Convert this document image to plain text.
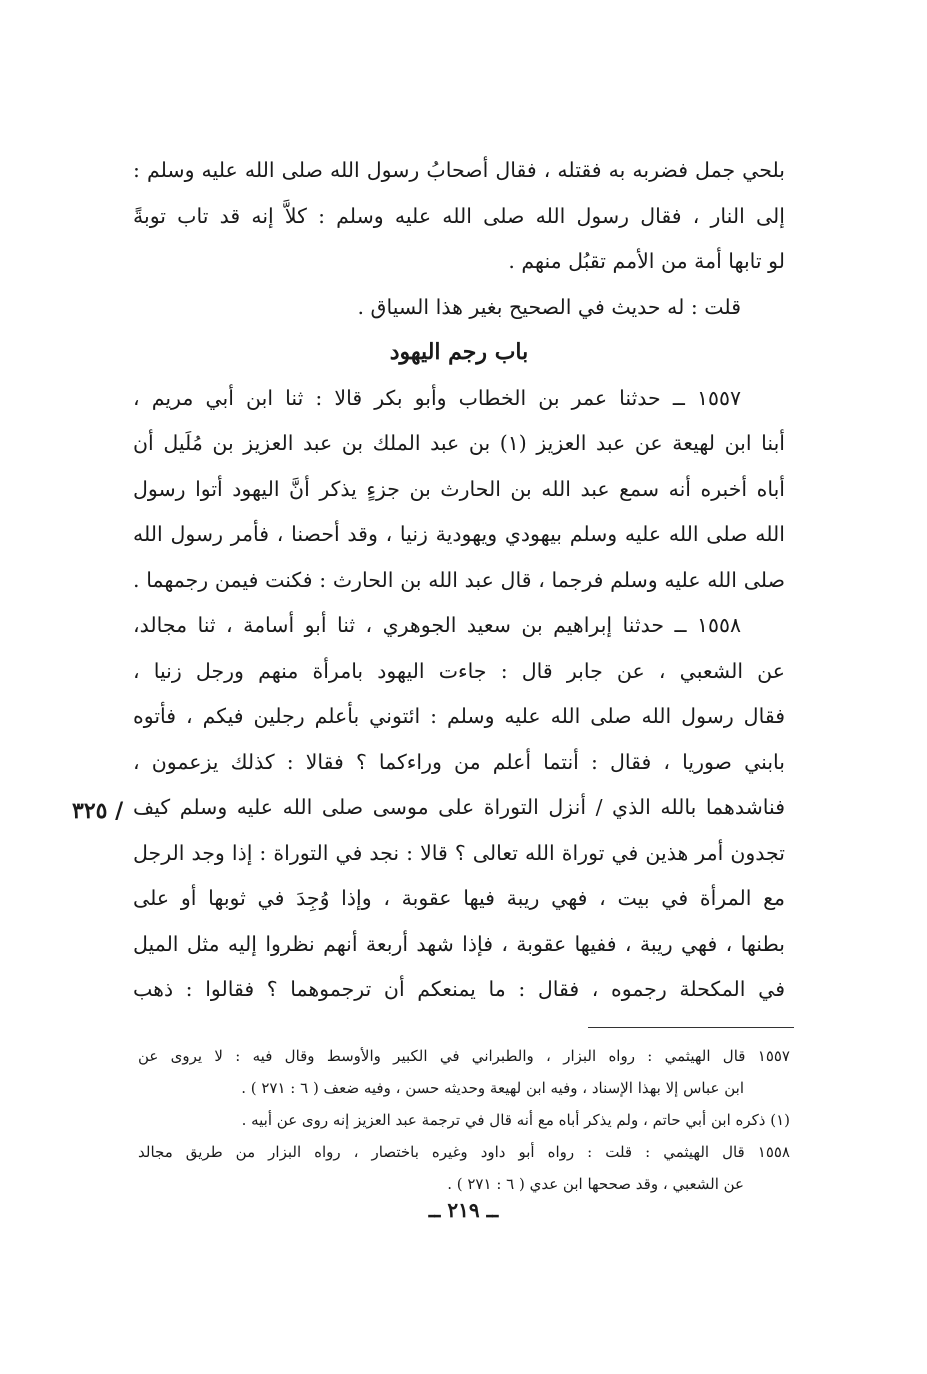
بلحي جمل فضربه به فقتله ، فقال أصحابُ رسول الله صلى الله عليه وسلم :
إلى النار ، فقال رسول الله صلى الله عليه وسلم : كلاَّ إنه قد تاب توبةً
لو تابها أمة من الأمم تقبُل منهم .
قلت : له حديث في الصحيح بغير هذا السياق .
باب رجم اليهود
١٥٥٧ ــ حدثنا عمر بن الخطاب وأبو بكر قالا : ثنا ابن أبي مريم ،
أبنا ابن لهيعة عن عبد العزيز (١) بن عبد الملك بن عبد العزيز بن مُلَيل أن
أباه أخبره أنه سمع عبد الله بن الحارث بن جزءٍ يذكر أنَّ اليهود أتوا رسول
الله صلى الله عليه وسلم بيهودي ويهودية زنيا ، وقد أحصنا ، فأمر رسول الله
صلى الله عليه وسلم فرجما ، قال عبد الله بن الحارث : فكنت فيمن رجمهما .
١٥٥٨ ــ حدثنا إبراهيم بن سعيد الجوهري ، ثنا أبو أسامة ، ثنا مجالد،
عن الشعبي ، عن جابر قال : جاءت اليهود بامرأة منهم ورجل زنيا ،
فقال رسول الله صلى الله عليه وسلم : ائتوني بأعلم رجلين فيكم ، فأتوه
بابني صوريا ، فقال : أنتما أعلم من وراءكما ؟ فقالا : كذلك يزعمون ،
فناشدهما بالله الذي / أنزل التوراة على موسى صلى الله عليه وسلم كيف
تجدون أمر هذين في توراة الله تعالى ؟ قالا : نجد في التوراة : إذا وجد الرجل
مع المرأة في بيت ، فهي ريبة فيها عقوبة ، وإذا وُجِدَ في ثوبها أو على
بطنها ، فهي ريبة ، ففيها عقوبة ، فإذا شهد أربعة أنهم نظروا إليه مثل الميل
في المكحلة رجموه ، فقال : ما يمنعكم أن ترجموهما ؟ فقالوا : ذهب
/ ٣٢٥
١٥٥٧ قال الهيثمي : رواه البزار ، والطبراني في الكبير والأوسط وقال فيه : لا يروى عن
ابن عباس إلا بهذا الإسناد ، وفيه ابن لهيعة وحديثه حسن ، وفيه ضعف ( ٦ : ٢٧١ ) .
(١) ذكره ابن أبي حاتم ، ولم يذكر أباه مع أنه قال في ترجمة عبد العزيز إنه روى عن أبيه .
١٥٥٨ قال الهيثمي : قلت : رواه أبو داود وغيره باختصار ، رواه البزار من طريق مجالد
عن الشعبي ، وقد صححها ابن عدي ( ٦ : ٢٧١ ) .
ــ ٢١٩ ــ
